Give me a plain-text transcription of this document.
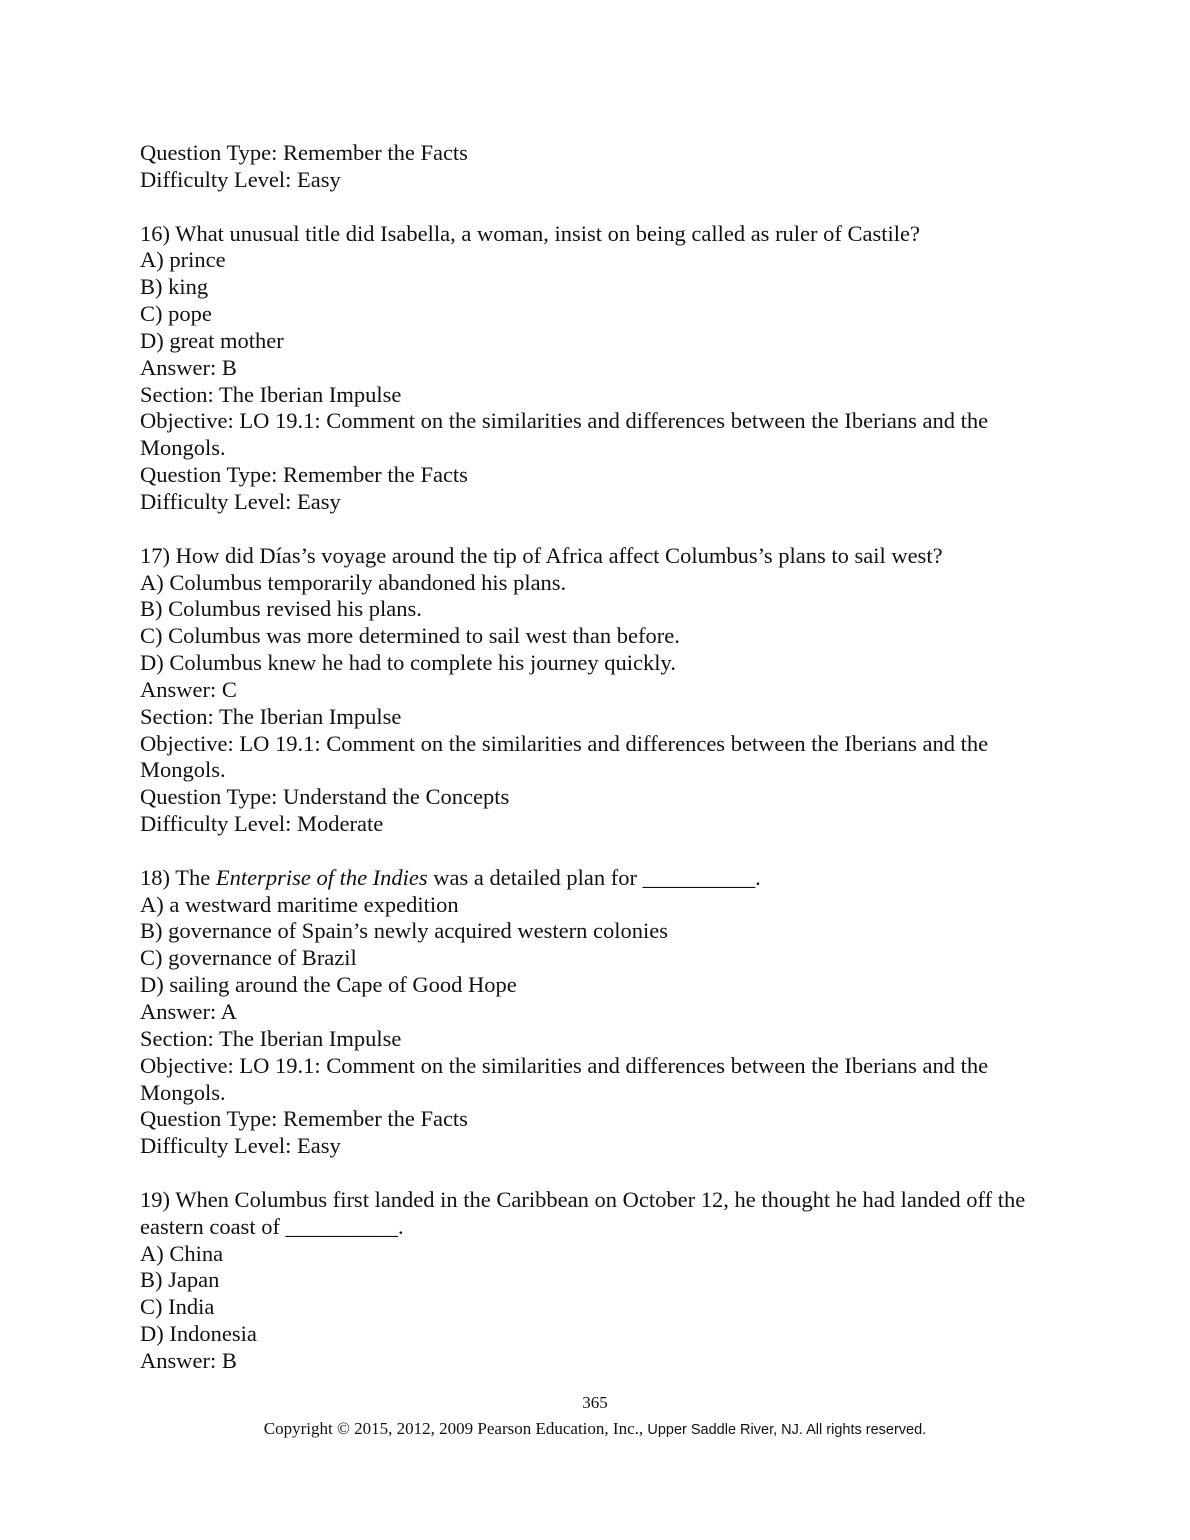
Question Type: Remember the Facts

Difficulty Level: Easy

16) What unusual title did Isabella, a woman, insist on being called as ruler of Castile?

A) prince

B) king

C) pope

D) great mother

Answer: B

Section: The Iberian Impulse

Objective: LO 19.1: Comment on the similarities and differences between the Iberians and the Mongols.

Question Type: Remember the Facts

Difficulty Level: Easy

17) How did Días’s voyage around the tip of Africa affect Columbus’s plans to sail west?

A) Columbus temporarily abandoned his plans.

B) Columbus revised his plans.

C) Columbus was more determined to sail west than before.

D) Columbus knew he had to complete his journey quickly.

Answer: C

Section: The Iberian Impulse

Objective: LO 19.1: Comment on the similarities and differences between the Iberians and the Mongols.

Question Type: Understand the Concepts

Difficulty Level: Moderate

18) The Enterprise of the Indies was a detailed plan for __________.

A) a westward maritime expedition

B) governance of Spain’s newly acquired western colonies

C) governance of Brazil

D) sailing around the Cape of Good Hope

Answer: A

Section: The Iberian Impulse

Objective: LO 19.1: Comment on the similarities and differences between the Iberians and the Mongols.

Question Type: Remember the Facts

Difficulty Level: Easy

19) When Columbus first landed in the Caribbean on October 12, he thought he had landed off the eastern coast of __________.

A) China

B) Japan

C) India

D) Indonesia

Answer: B

365
Copyright © 2015, 2012, 2009 Pearson Education, Inc., Upper Saddle River, NJ. All rights reserved.
